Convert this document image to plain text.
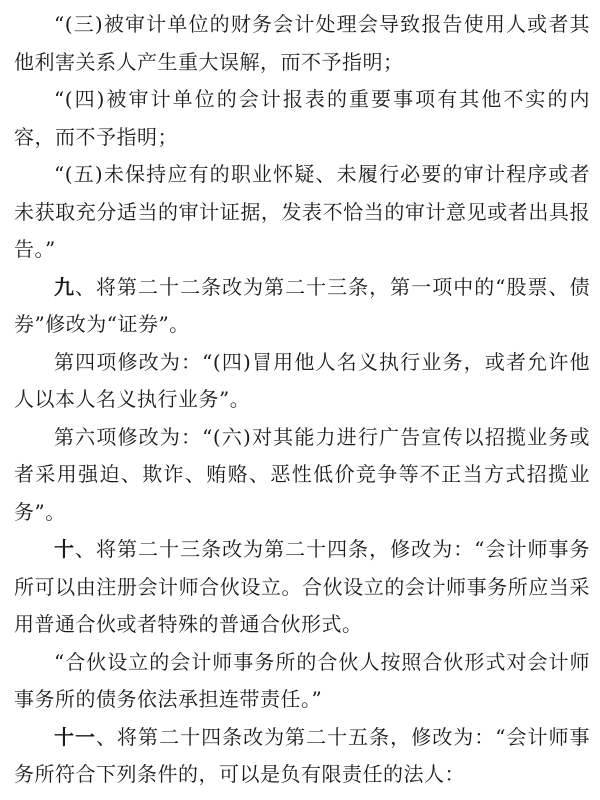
“(三)被审计单位的财务会计处理会导致报告使用人或者其他利害关系人产生重大误解，而不予指明；

“(四)被审计单位的会计报表的重要事项有其他不实的内容，而不予指明；

“(五)未保持应有的职业怀疑、未履行必要的审计程序或者未获取充分适当的审计证据，发表不恰当的审计意见或者出具报告。”

九、将第二十二条改为第二十三条，第一项中的“股票、债券”修改为“证券”。

第四项修改为：“(四)冒用他人名义执行业务，或者允许他人以本人名义执行业务”。

第六项修改为：“(六)对其能力进行广告宣传以招揽业务或者采用强迫、欺诈、贿赂、恶性低价竞争等不正当方式招揽业务”。

十、将第二十三条改为第二十四条，修改为：“会计师事务所可以由注册会计师合伙设立。合伙设立的会计师事务所应当采用普通合伙或者特殊的普通合伙形式。

“合伙设立的会计师事务所的合伙人按照合伙形式对会计师事务所的债务依法承担连带责任。”

十一、将第二十四条改为第二十五条，修改为：“会计师事务所符合下列条件的，可以是负有限责任的法人：
